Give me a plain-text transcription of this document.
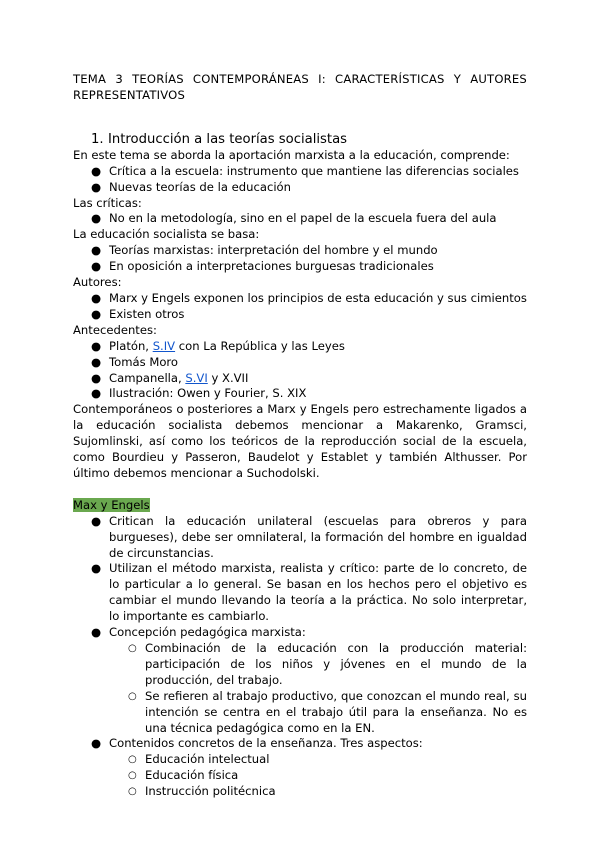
TEMA 3 TEORÍAS CONTEMPORÁNEAS I: CARACTERÍSTICAS Y AUTORES REPRESENTATIVOS

1. Introducción a las teorías socialistas

En este tema se aborda la aportación marxista a la educación, comprende:

● Crítica a la escuela: instrumento que mantiene las diferencias sociales
● Nuevas teorías de la educación

Las críticas:

● No en la metodología, sino en el papel de la escuela fuera del aula

La educación socialista se basa:

● Teorías marxistas: interpretación del hombre y el mundo
● En oposición a interpretaciones burguesas tradicionales

Autores:

● Marx y Engels exponen los principios de esta educación y sus cimientos
● Existen otros

Antecedentes:

● Platón, S.IV con La República y las Leyes
● Tomás Moro
● Campanella, S.VI y X.VII
● Ilustración: Owen y Fourier, S. XIX

Contemporáneos o posteriores a Marx y Engels pero estrechamente ligados a la educación socialista debemos mencionar a Makarenko, Gramsci, Sujomlinski, así como los teóricos de la reproducción social de la escuela, como Bourdieu y Passeron, Baudelot y Establet y también Althusser. Por último debemos mencionar a Suchodolski.

Max y Engels

● Critican la educación unilateral (escuelas para obreros y para burgueses), debe ser omnilateral, la formación del hombre en igualdad de circunstancias.
● Utilizan el método marxista, realista y crítico: parte de lo concreto, de lo particular a lo general. Se basan en los hechos pero el objetivo es cambiar el mundo llevando la teoría a la práctica. No solo interpretar, lo importante es cambiarlo.
● Concepción pedagógica marxista:
○ Combinación de la educación con la producción material: participación de los niños y jóvenes en el mundo de la producción, del trabajo.
○ Se refieren al trabajo productivo, que conozcan el mundo real, su intención se centra en el trabajo útil para la enseñanza. No es una técnica pedagógica como en la EN.
● Contenidos concretos de la enseñanza. Tres aspectos:
○ Educación intelectual
○ Educación física
○ Instrucción politécnica
